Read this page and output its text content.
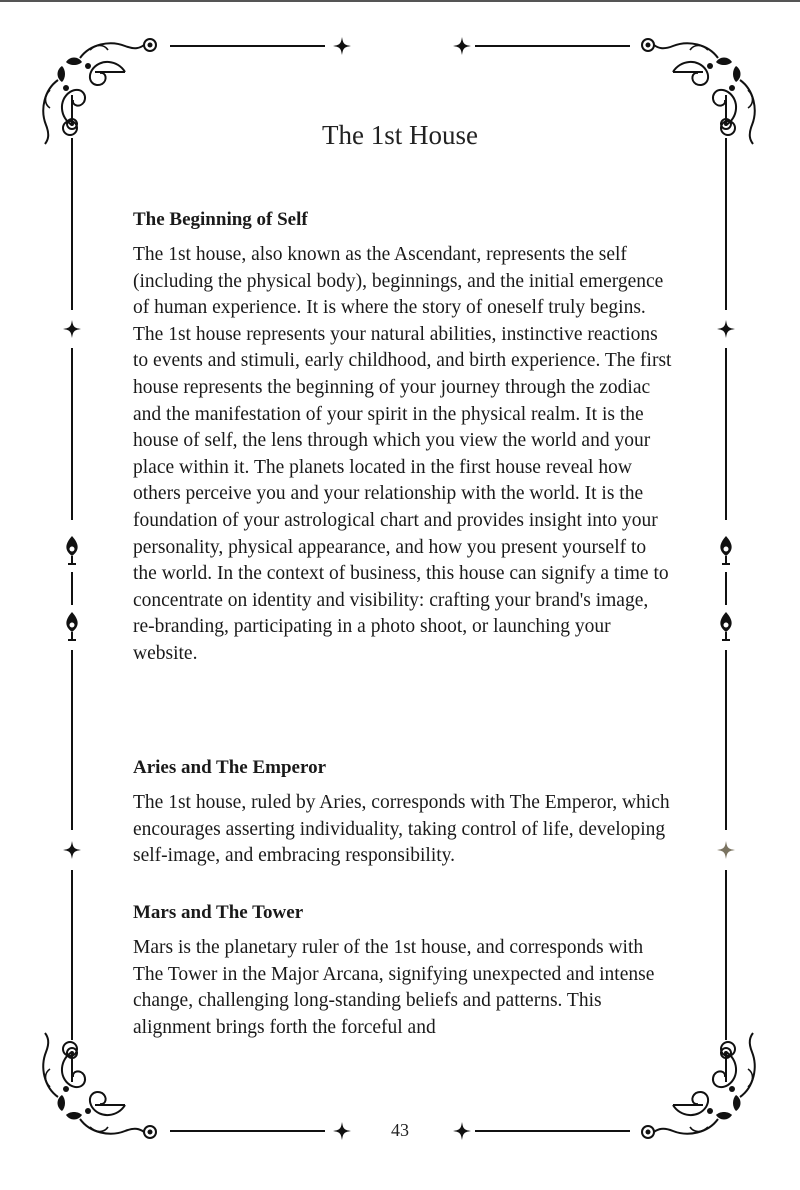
The 1st House
The Beginning of Self

The 1st house, also known as the Ascendant, represents the self (including the physical body), beginnings, and the initial emergence of human experience. It is where the story of oneself truly begins. The 1st house represents your natural abilities, instinctive reactions to events and stimuli, early childhood, and birth experience. The first house represents the beginning of your journey through the zodiac and the manifestation of your spirit in the physical realm. It is the house of self, the lens through which you view the world and your place within it. The planets located in the first house reveal how others perceive you and your relationship with the world. It is the foundation of your astrological chart and provides insight into your personality, physical appearance, and how you present yourself to the world. In the context of business, this house can signify a time to concentrate on identity and visibility: crafting your brand's image, re-branding, participating in a photo shoot, or launching your website.

Aries and The Emperor

The 1st house, ruled by Aries, corresponds with The Emperor, which encourages asserting individuality, taking control of life, developing self-image, and embracing responsibility.

Mars and The Tower

Mars is the planetary ruler of the 1st house, and corresponds with The Tower in the Major Arcana, signifying unexpected and intense change, challenging long-standing beliefs and patterns. This alignment brings forth the forceful and

43
